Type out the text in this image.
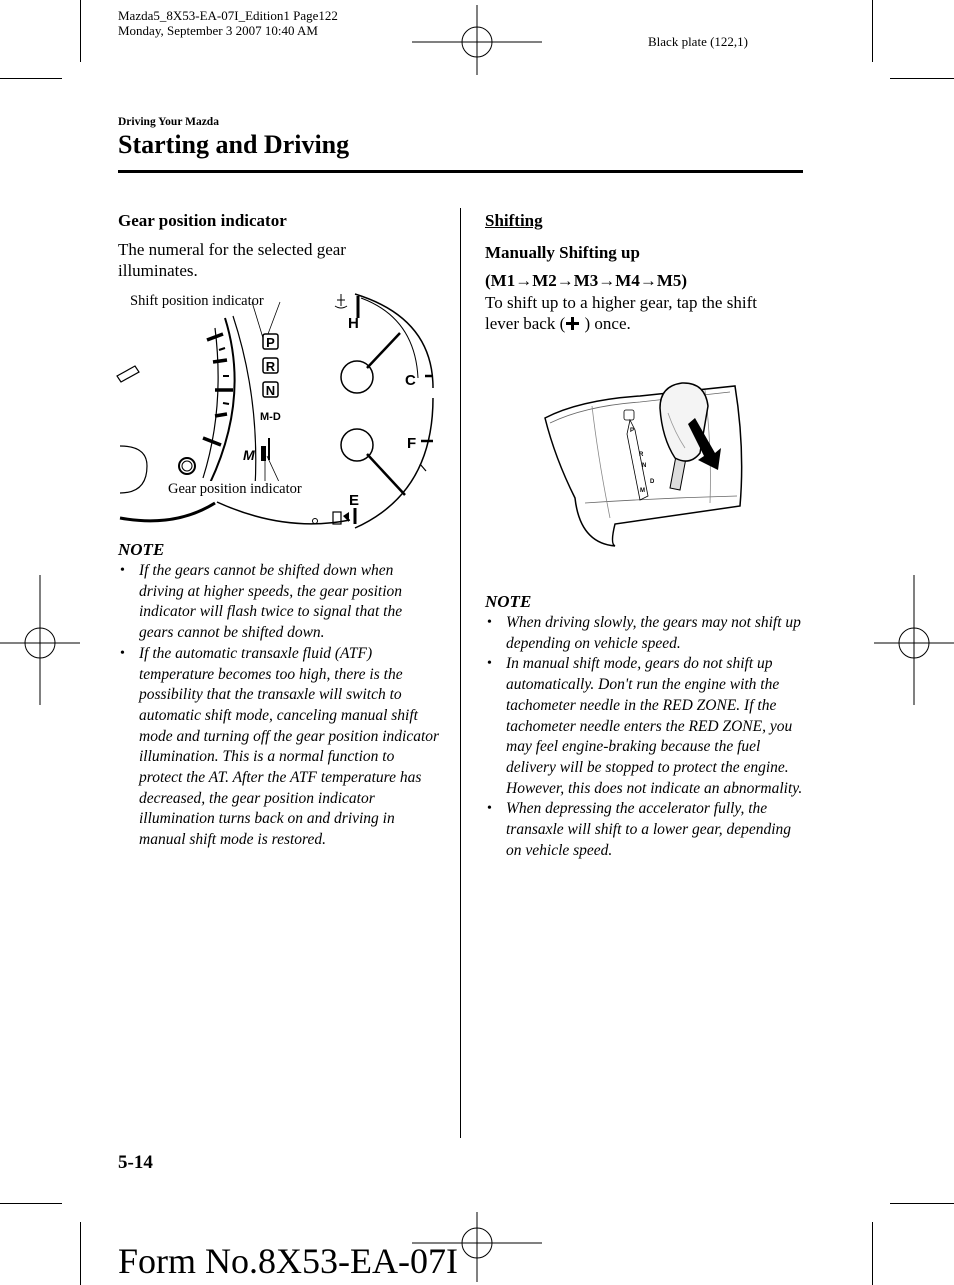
Mazda5_8X53-EA-07I_Edition1 Page122
Monday, September 3 2007 10:40 AM
Black plate (122,1)
Driving Your Mazda
Starting and Driving
Gear position indicator
The numeral for the selected gear illuminates.
P
R
N
M-D
M
H
C
F
E
Shift position indicator
Gear position indicator
NOTE
• If the gears cannot be shifted down when driving at higher speeds, the gear position indicator will flash twice to signal that the gears cannot be shifted down.
• If the automatic transaxle fluid (ATF) temperature becomes too high, there is the possibility that the transaxle will switch to automatic shift mode, canceling manual shift mode and turning off the gear position indicator illumination. This is a normal function to protect the AT. After the ATF temperature has decreased, the gear position indicator illumination turns back on and driving in manual shift mode is restored.
Shifting
Manually Shifting up
(M1→M2→M3→M4→M5)
To shift up to a higher gear, tap the shift lever back ( ) once.
P
R
N
D
M
NOTE
• When driving slowly, the gears may not shift up depending on vehicle speed.
• In manual shift mode, gears do not shift up automatically. Don't run the engine with the tachometer needle in the RED ZONE. If the tachometer needle enters the RED ZONE, you may feel engine-braking because the fuel delivery will be stopped to protect the engine. However, this does not indicate an abnormality.
• When depressing the accelerator fully, the transaxle will shift to a lower gear, depending on vehicle speed.
5-14
Form No.8X53-EA-07I
